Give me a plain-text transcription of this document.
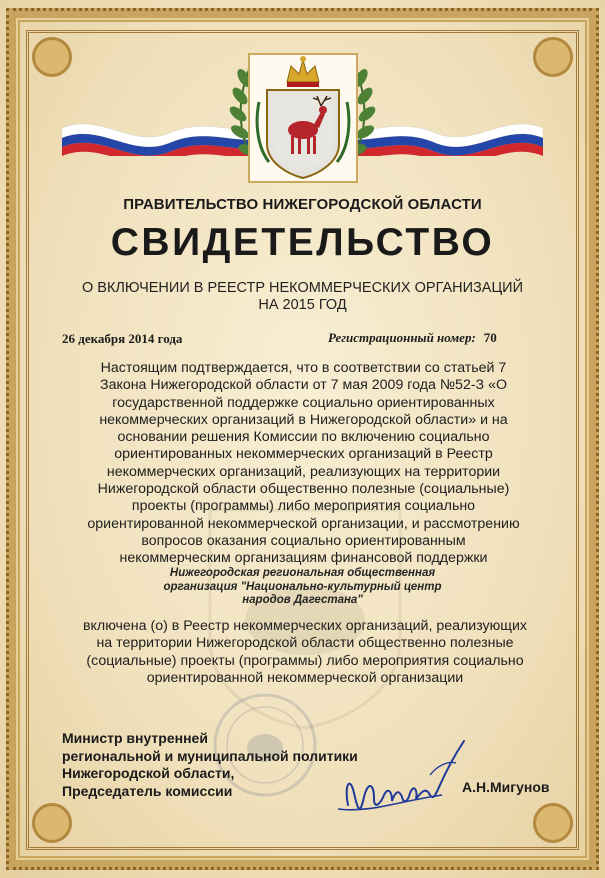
ПРАВИТЕЛЬСТВО НИЖЕГОРОДСКОЙ ОБЛАСТИ
СВИДЕТЕЛЬСТВО
О ВКЛЮЧЕНИИ В РЕЕСТР НЕКОММЕРЧЕСКИХ ОРГАНИЗАЦИЙ
НА 2015 ГОД
26 декабря 2014 года	Регистрационный номер: 70
Настоящим подтверждается, что в соответствии со статьей 7
Закона Нижегородской области от 7 мая 2009 года №52-З «О
государственной поддержке социально ориентированных
некоммерческих организаций в Нижегородской области» и на
основании решения Комиссии по включению социально
ориентированных некоммерческих организаций в Реестр
некоммерческих организаций, реализующих на территории
Нижегородской области общественно полезные (социальные)
проекты (программы) либо мероприятия социально
ориентированной некоммерческой организации, и рассмотрению
вопросов оказания социально ориентированным
некоммерческим организациям финансовой поддержки
Нижегородская региональная общественная
организация "Национально-культурный центр
народов Дагестана"
включена (о) в Реестр некоммерческих организаций, реализующих
на территории Нижегородской области общественно полезные
(социальные) проекты (программы) либо мероприятия социально
ориентированной некоммерческой организации
Министр внутренней
региональной и муниципальной политики
Нижегородской области,
Председатель комиссии	А.Н.Мигунов
